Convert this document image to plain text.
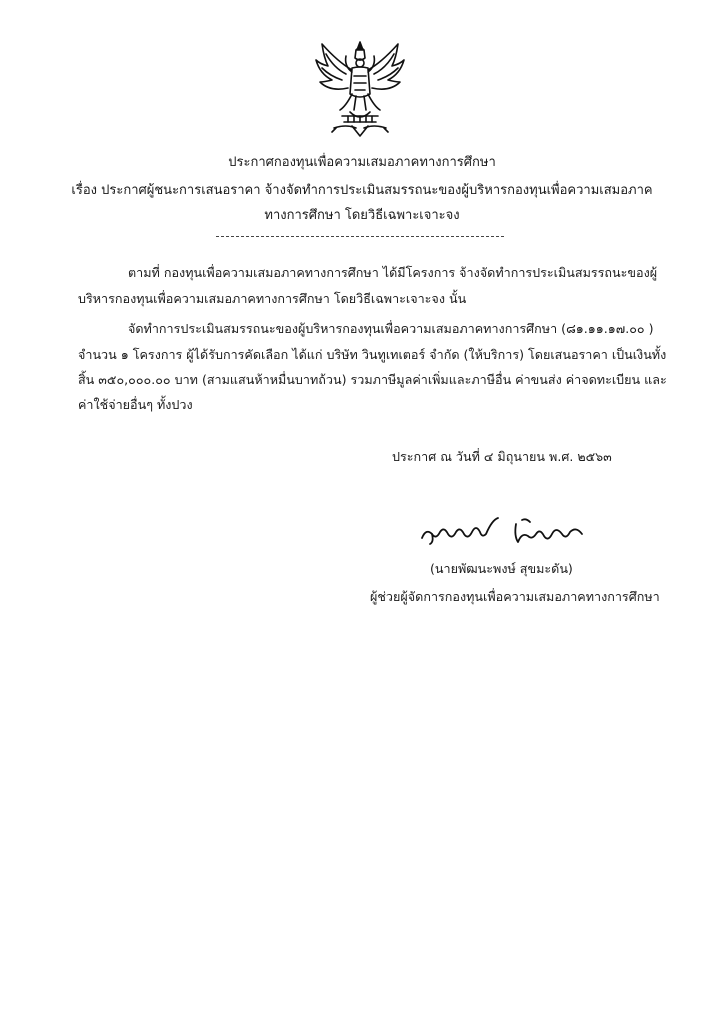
ประกาศกองทุนเพื่อความเสมอภาคทางการศึกษา
เรื่อง ประกาศผู้ชนะการเสนอราคา จ้างจัดทำการประเมินสมรรถนะของผู้บริหารกองทุนเพื่อความเสมอภาค
ทางการศึกษา โดยวิธีเฉพาะเจาะจง
ตามที่ กองทุนเพื่อความเสมอภาคทางการศึกษา ได้มีโครงการ จ้างจัดทำการประเมินสมรรถนะของผู้
บริหารกองทุนเพื่อความเสมอภาคทางการศึกษา โดยวิธีเฉพาะเจาะจง นั้น
จัดทำการประเมินสมรรถนะของผู้บริหารกองทุนเพื่อความเสมอภาคทางการศึกษา (๘๑.๑๑.๑๗.๐๐ )
จำนวน ๑ โครงการ ผู้ได้รับการคัดเลือก ได้แก่ บริษัท วินทูเทเตอร์ จำกัด (ให้บริการ) โดยเสนอราคา เป็นเงินทั้ง
สิ้น ๓๕๐,๐๐๐.๐๐ บาท (สามแสนห้าหมื่นบาทถ้วน) รวมภาษีมูลค่าเพิ่มและภาษีอื่น ค่าขนส่ง ค่าจดทะเบียน และ
ค่าใช้จ่ายอื่นๆ ทั้งปวง
ประกาศ ณ วันที่ ๔ มิถุนายน พ.ศ. ๒๕๖๓
(นายพัฒนะพงษ์ สุขมะดัน)
ผู้ช่วยผู้จัดการกองทุนเพื่อความเสมอภาคทางการศึกษา
